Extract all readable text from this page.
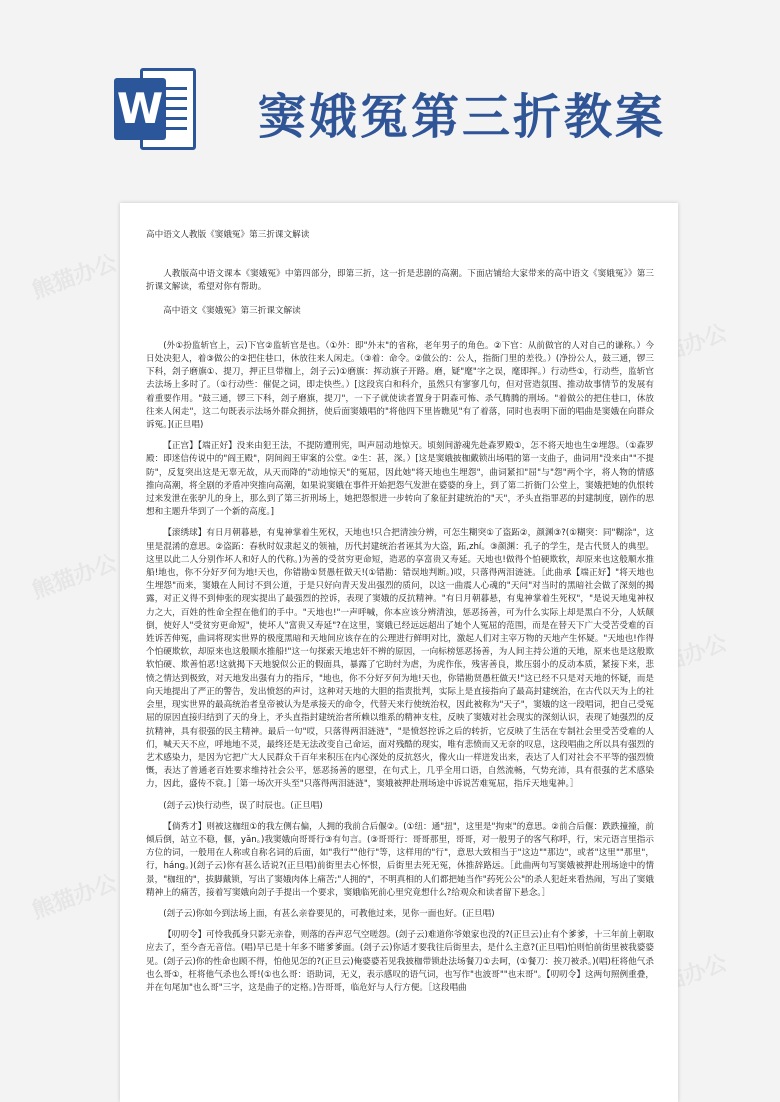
W 窦娥冤第三折教案
熊猫办公
熊猫办公
熊猫办公
熊猫办公
熊猫办公
熊猫办公

高中语文人教版《窦娥冤》第三折课文解读

人教版高中语文课本《窦娥冤》中第四部分，即第三折，这一折是悲剧的高潮。下面店铺给大家带来的高中语文《窦娥冤》》第三折课文解读，希望对你有帮助。

高中语文《窦娥冤》第三折课文解读

(外①扮监斩官上，云)下官②监斩官是也。（①外：即"外末"的省称，老年男子的角色。②下官：从前做官的人对自己的谦称。）今日处决犯人，着③做公的②把住巷口，休放往来人闲走。（③着：命令。②做公的：公人，指衙门里的差役。）(净扮公人，鼓三通，锣三下科，刽子磨旗①、提刀，押正旦带枷上，刽子云)①磨旗：挥动旗子开路。磨，疑"麾"字之误，麾即挥。）行动些①，行动些，监斩官去法场上多时了。（①行动些：催促之词，即走快些。）[这段宾白和科介，虽然只有寥寥几句，但对营造氛围、推动故事情节的发展有着重要作用。"鼓三通，锣三下科，刽子磨旗，提刀"，一下子就使读者置身于阴森可怖、杀气腾腾的刑场。"着做公的把住巷口，休放往来人闲走"，这二句既表示法场外群众拥挤，使后面窦娥唱的"将他四下里皆瞧见"有了着落，同时也表明下面的唱曲是窦娥在向群众诉冤。](正旦唱)

【正宫】【端正好】没来由犯王法，不提防遭刑宪，叫声屈动地惊天。顷刻间游魂先赴森罗殿①，怎不将天地也生②埋怨。（①森罗殿：即迷信传说中的"阎王殿"，阴间阎王审案的公堂。②生：甚，深。）[这是窦娥披枷戴锁出场唱的第一支曲子，曲词用"没来由""不提防"，反复突出这是无辜无故，从天而降的"动地惊天"的冤屈，因此她"将天地也生埋怨"，曲词紧扣"屈"与"怨"两个字，将人物的情感推向高潮，将全剧的矛盾冲突推向高潮，如果说窦娥在事件开始把怨气发泄在婆婆的身上，到了第二折衙门公堂上，窦娥把她的仇恨转过来发泄在张驴儿的身上，那么到了第三折刑场上，她把怨恨进一步转向了象征封建统治的"天"，矛头直指罪恶的封建制度，剧作的思想和主题升华到了一个新的高度。]

【滚绣球】有日月朝暮悬，有鬼神掌着生死权，天地也!只合把清浊分辨，可怎生糊突①了盗跖②，颜渊③?(①糊突：同"糊涂"，这里是混淆的意思。②盗跖：春秋时奴隶起义的领袖，历代封建统治者诬其为大盗，跖,zhí。③颜渊：孔子的学生，是古代贤人的典型。这里以此二人分别作坏人和好人的代称。)为善的受贫穷更命短，造恶的享富贵又寿延。天地也!做得个怕硬欺软，却原来也这般顺水推船!地也，你不分好歹何为地!天也，你错勘①贤愚枉做天!(①错勘：错误地判断。)哎，只落得两泪涟涟。［此曲承【端正好】"将天地也生埋怨"而来，窦娥在人间讨不到公道，于是只好向青天发出强烈的质问，以这一曲震人心魂的"天问"对当时的黑暗社会做了深刻的揭露，对正义得不到伸张的现实提出了最强烈的控诉，表现了窦娥的反抗精神。"有日月朝暮悬，有鬼神掌着生死权"，"是说天地鬼神权力之大，百姓的性命全捏在他们的手中。"天地也!"一声呼喊，你本应该分辨清浊，惩恶扬善，可为什么实际上却是黑白不分，人妖颠倒，使好人"受贫穷更命短"，使坏人"富贵又寿延"?在这里，窦娥已经远远超出了她个人冤屈的范围，而是在替天下广大受苦受难的百姓诉苦伸冤，曲词将现实世界的极度黑暗和天地间应该存在的公理进行鲜明对比，激起人们对主宰万物的天地产生怀疑。"天地也!作得个怕硬欺软，却原来也这般顺水推船!"这一句探索天地忠奸不辨的原因，一向标榜惩恶扬善，为人间主持公道的天地，原来也是这般欺软怕硬、欺善怕恶!这就揭下天地貌似公正的假面具，暴露了它助纣为虐，为虎作伥，残害善良，欺压弱小的反动本质，紧接下来，悲愤之情达到极致，对天地发出强有力的指斥，"地也，你不分好歹何为地!天也，你错勘贤愚枉做天!"这已经不只是对天地的怀疑，而是向天地提出了严正的警告，发出愤怒的声讨，这种对天地的大胆的指责批判，实际上是直接指向了最高封建统治，在古代以天为上的社会里，现实世界的最高统治者皇帝被认为是承接天的命令，代替天来行使统治权，因此被称为"天子"，窦娥的这一段唱词，把自己受冤屈的原因直接归结到了天的身上，矛头直指封建统治者所赖以维系的精神支柱，反映了窦娥对社会现实的深刻认识，表现了她强烈的反抗精神，具有很强的民主精神。最后一句"哎，只落得两泪涟涟"，"是愤怒控诉之后的转折，它反映了生活在专制社会里受苦受难的人们，喊天天不应，呼地地不灵，最终还是无法改变自己命运，面对残酷的现实，唯有悲愤而又无奈的叹息，这段唱曲之所以具有强烈的艺术感染力，是因为它把广大人民群众千百年来积压在内心深处的反抗怒火，像火山一样迸发出来，表达了人们对社会不平等的强烈愤慨，表达了普通老百姓要求维持社会公平，惩恶扬善的愿望，在句式上，几乎全用口语，自然流畅，气势充沛，具有很强的艺术感染力，因此，盛传不衰。]［第一场次开头至"只落得两泪涟涟"，窦娥被押赴刑场途中诉说苦难冤屈，指斥天地鬼神。］

(刽子云)快行动些，误了时辰也。(正旦唱)

【倘秀才】则被这枷纽①的我左侧右偏，人拥的我前合后偃②。(①纽：通"扭"，这里是"拘束"的意思。②前合后偃：跌跌撞撞，前倾后倒，站立不稳，偃，yǎn。)我窦娥向哥哥行③有句言。(③哥哥行：哥哥那里，哥哥，对一般男子的客气称呼，行，宋元语言里指示方位的词，一般用在人称或自称名词的后面，如"我行""他行"等，这样用的"行"，意思大致相当于"这边""那边"，或者"这里""那里"，行，háng。)(刽子云)你有甚么话说?(正旦唱)前街里去心怀恨，后街里去死无冤，休推辞路远。［此曲两句写窦娥被押赴刑场途中的情景，"枷纽的"，拔脚戴锁，写出了窦娥肉体上痛苦;"人拥的"，不明真相的人们都把她当作"药死公公"的杀人犯赶来看热闹，写出了窦娥精神上的痛苦，接着写窦娥向刽子手提出一个要求，窦娥临死前心里究竟想什么?给观众和读者留下悬念。］

(刽子云)你如今到法场上面，有甚么亲眷要见的，可教他过来，见你一面也好。(正旦唱)

【叨叨令】可怜我孤身只影无亲眷，则落的吞声忍气空嗟怨。(刽子云)难道你爷娘家也没的?(正旦云)止有个爹爹，十三年前上朝取应去了，至今杳无音信。(唱)早已是十年多不睹爹爹面。(刽子云)你适才要我往后街里去，是什么主意?(正旦唱)怕则怕前街里被我婆婆见。(刽子云)你的性命也顾不得，怕他见怎的?(正旦云)俺婆婆若见我披枷带锁赴法场餐刀①去呵，(①餐刀：挨刀被杀。)(唱)枉将他气杀也么哥①，枉将他气杀也么哥!(①也么哥：语助词，无义，表示感叹的语气词，也写作"也波哥""也末哥"。【叨叨令】这两句照例重叠，并在句尾加"也么哥"三字，这是曲子的定格。)告哥哥，临危好与人行方便。［这段唱曲
